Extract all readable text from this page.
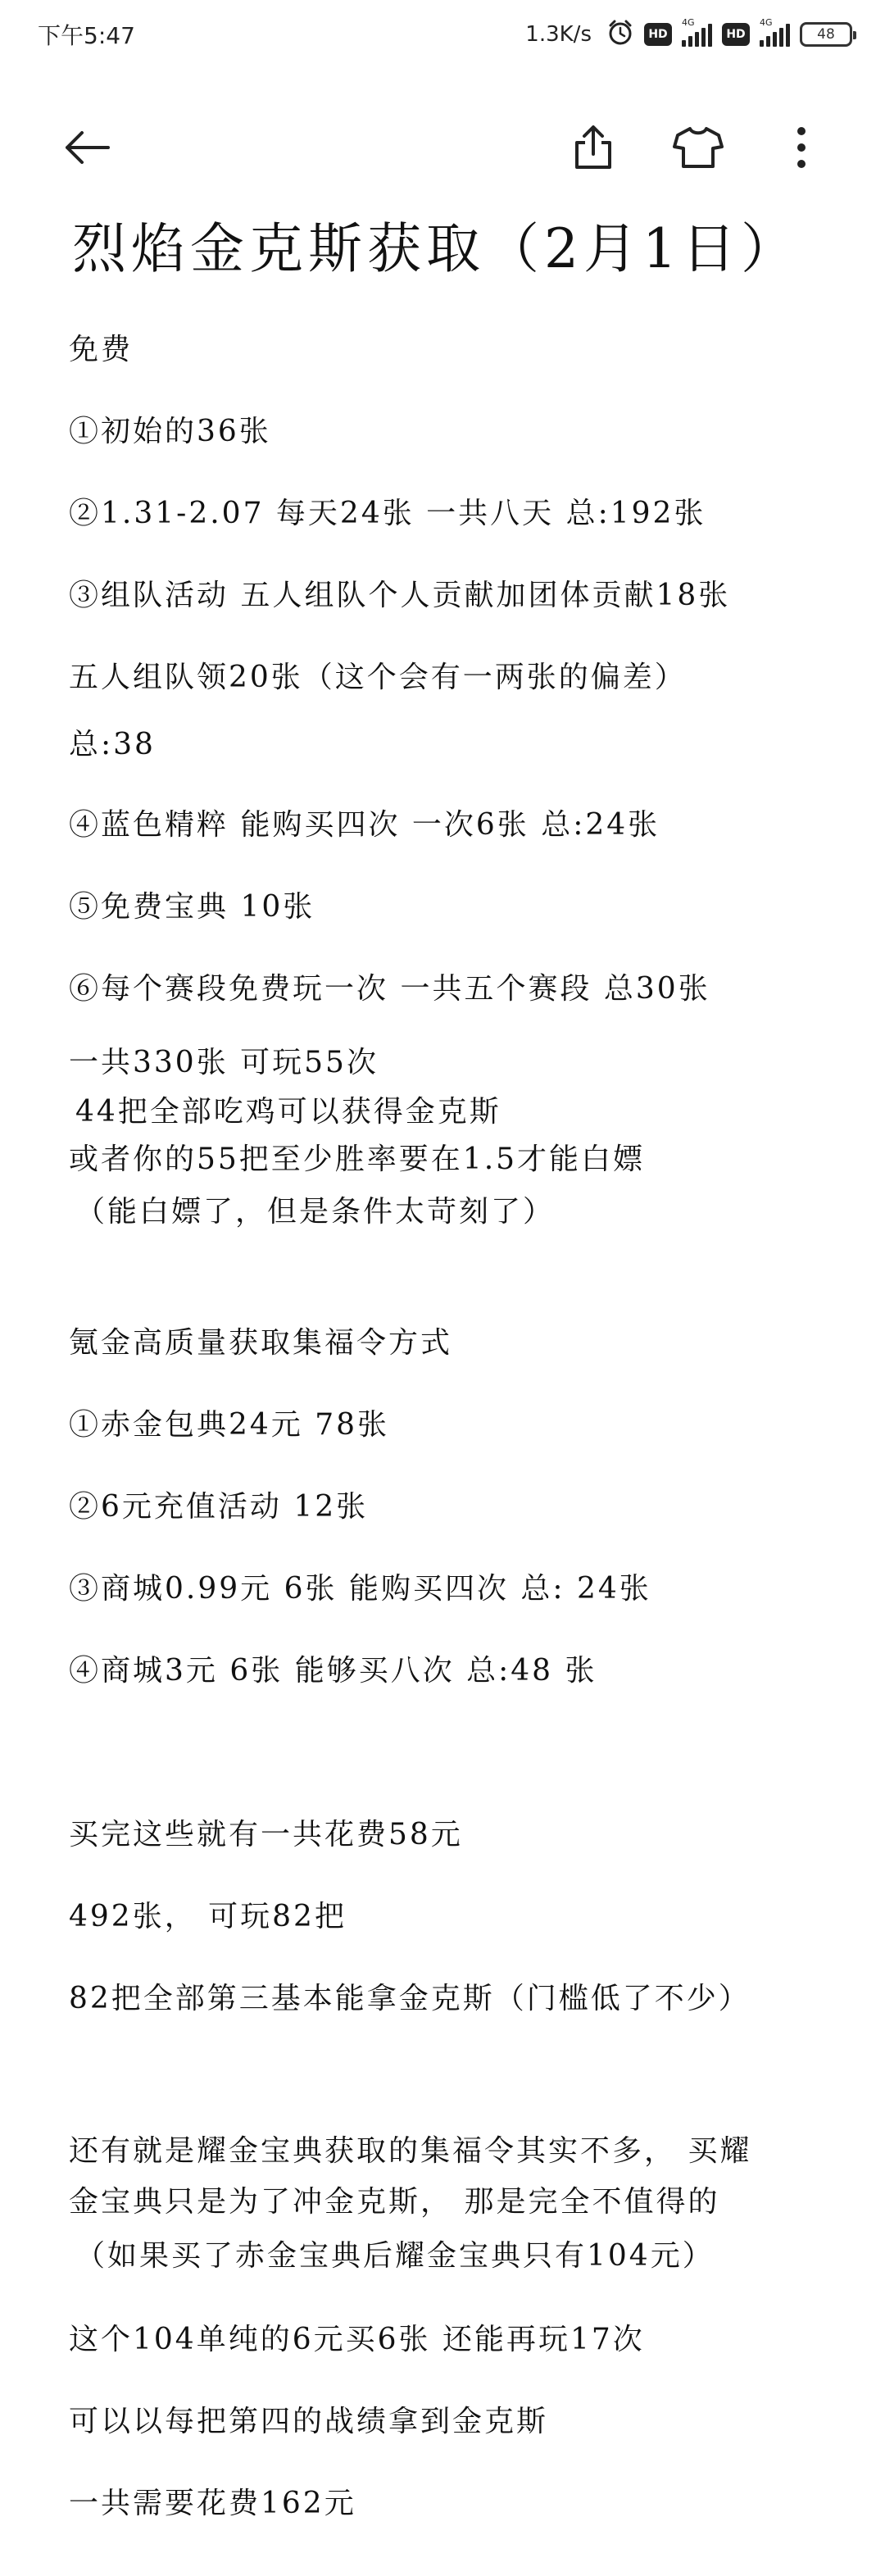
下午5:47	1.3K/s	HD
4G
HD
4G
48
烈焰金克斯获取（2月1日）
免费
①初始的36张
②1.31-2.07 每天24张 一共八天 总:192张
③组队活动 五人组队个人贡献加团体贡献18张
五人组队领20张（这个会有一两张的偏差）
总:38
④蓝色精粹 能购买四次 一次6张 总:24张
⑤免费宝典 10张
⑥每个赛段免费玩一次 一共五个赛段 总30张
一共330张 可玩55次
44把全部吃鸡可以获得金克斯
或者你的55把至少胜率要在1.5才能白嫖
（能白嫖了，但是条件太苛刻了）
氪金高质量获取集福令方式
①赤金包典24元 78张
②6元充值活动 12张
③商城0.99元 6张 能购买四次 总: 24张
④商城3元 6张 能够买八次 总:48 张
买完这些就有一共花费58元
492张， 可玩82把
82把全部第三基本能拿金克斯（门槛低了不少）
还有就是耀金宝典获取的集福令其实不多， 买耀
金宝典只是为了冲金克斯， 那是完全不值得的
（如果买了赤金宝典后耀金宝典只有104元）
这个104单纯的6元买6张 还能再玩17次
可以以每把第四的战绩拿到金克斯
一共需要花费162元
